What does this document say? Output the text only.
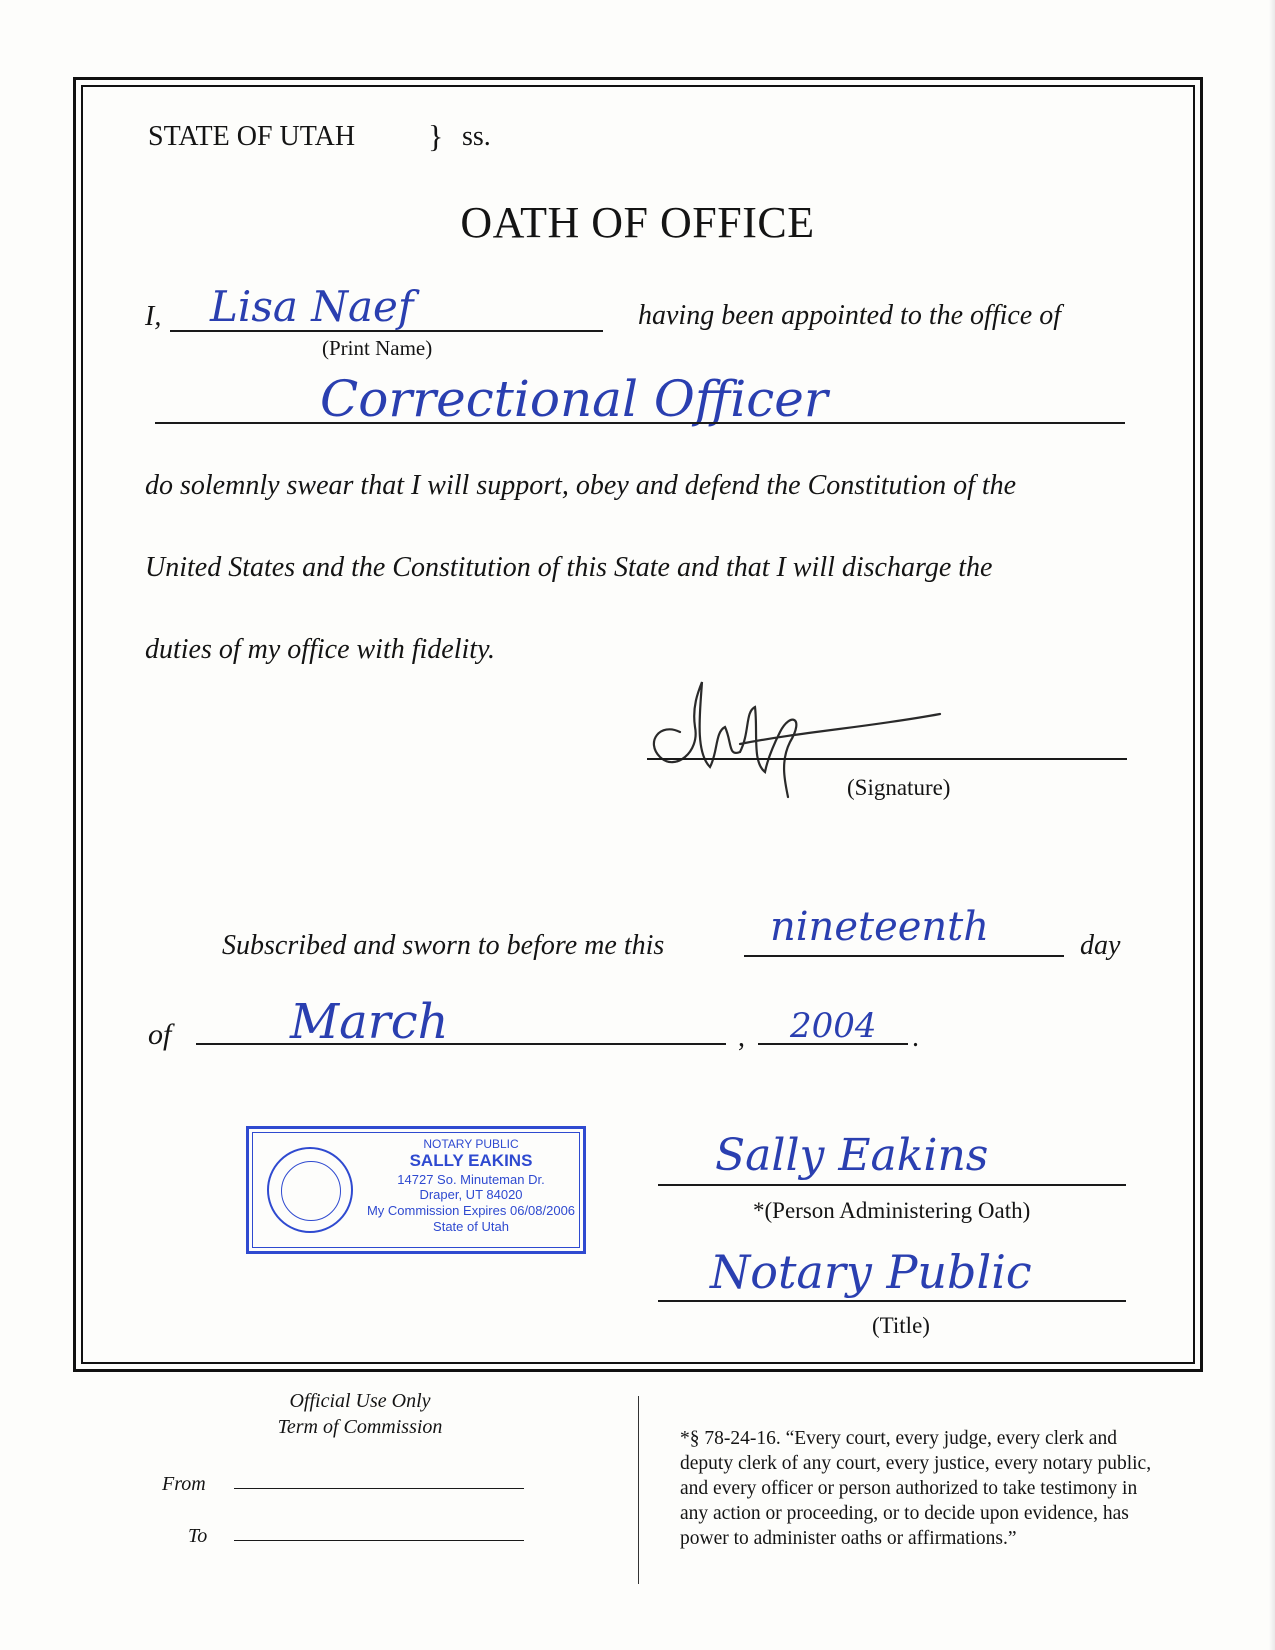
STATE OF UTAH } ss.
OATH OF OFFICE
I, Lisa Naef
(Print Name)
having been appointed to the office of
Correctional Officer
do solemnly swear that I will support, obey and defend the Constitution of the
United States and the Constitution of this State and that I will discharge the
duties of my office with fidelity.
(Signature)
Subscribed and sworn to before me this	nineteenth	day
of March	, 2004 .
NOTARY PUBLIC
SALLY EAKINS
14727 So. Minuteman Dr.
Draper, UT 84020
My Commission Expires 06/08/2006
State of Utah
Sally Eakins
*(Person Administering Oath)
Notary Public
(Title)
Official Use Only
Term of Commission
From
To
*§ 78-24-16. “Every court, every judge, every clerk and
deputy clerk of any court, every justice, every notary public,
and every officer or person authorized to take testimony in
any action or proceeding, or to decide upon evidence, has
power to administer oaths or affirmations.”
